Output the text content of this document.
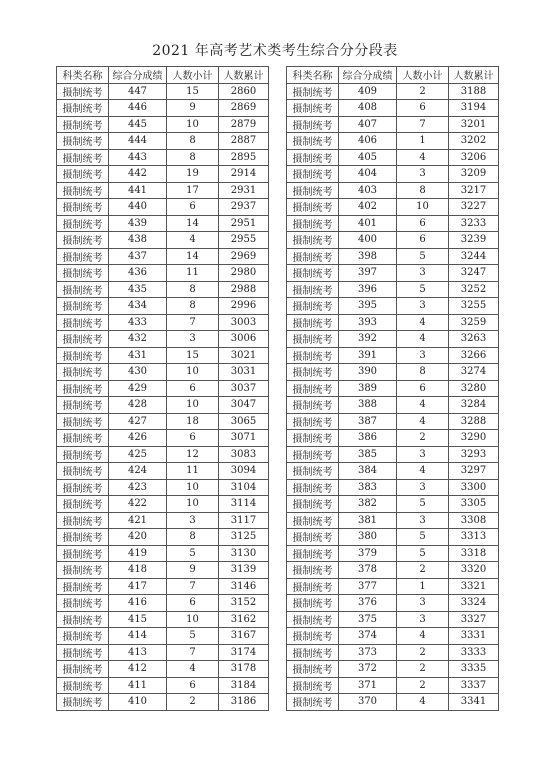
2021 年高考艺术类考生综合分分段表
科类名称	综合分成绩	人数小计	人数累计
摄制统考	447	15	2860
摄制统考	446	9	2869
摄制统考	445	10	2879
摄制统考	444	8	2887
摄制统考	443	8	2895
摄制统考	442	19	2914
摄制统考	441	17	2931
摄制统考	440	6	2937
摄制统考	439	14	2951
摄制统考	438	4	2955
摄制统考	437	14	2969
摄制统考	436	11	2980
摄制统考	435	8	2988
摄制统考	434	8	2996
摄制统考	433	7	3003
摄制统考	432	3	3006
摄制统考	431	15	3021
摄制统考	430	10	3031
摄制统考	429	6	3037
摄制统考	428	10	3047
摄制统考	427	18	3065
摄制统考	426	6	3071
摄制统考	425	12	3083
摄制统考	424	11	3094
摄制统考	423	10	3104
摄制统考	422	10	3114
摄制统考	421	3	3117
摄制统考	420	8	3125
摄制统考	419	5	3130
摄制统考	418	9	3139
摄制统考	417	7	3146
摄制统考	416	6	3152
摄制统考	415	10	3162
摄制统考	414	5	3167
摄制统考	413	7	3174
摄制统考	412	4	3178
摄制统考	411	6	3184
摄制统考	410	2	3186
科类名称	综合分成绩	人数小计	人数累计
摄制统考	409	2	3188
摄制统考	408	6	3194
摄制统考	407	7	3201
摄制统考	406	1	3202
摄制统考	405	4	3206
摄制统考	404	3	3209
摄制统考	403	8	3217
摄制统考	402	10	3227
摄制统考	401	6	3233
摄制统考	400	6	3239
摄制统考	398	5	3244
摄制统考	397	3	3247
摄制统考	396	5	3252
摄制统考	395	3	3255
摄制统考	393	4	3259
摄制统考	392	4	3263
摄制统考	391	3	3266
摄制统考	390	8	3274
摄制统考	389	6	3280
摄制统考	388	4	3284
摄制统考	387	4	3288
摄制统考	386	2	3290
摄制统考	385	3	3293
摄制统考	384	4	3297
摄制统考	383	3	3300
摄制统考	382	5	3305
摄制统考	381	3	3308
摄制统考	380	5	3313
摄制统考	379	5	3318
摄制统考	378	2	3320
摄制统考	377	1	3321
摄制统考	376	3	3324
摄制统考	375	3	3327
摄制统考	374	4	3331
摄制统考	373	2	3333
摄制统考	372	2	3335
摄制统考	371	2	3337
摄制统考	370	4	3341
